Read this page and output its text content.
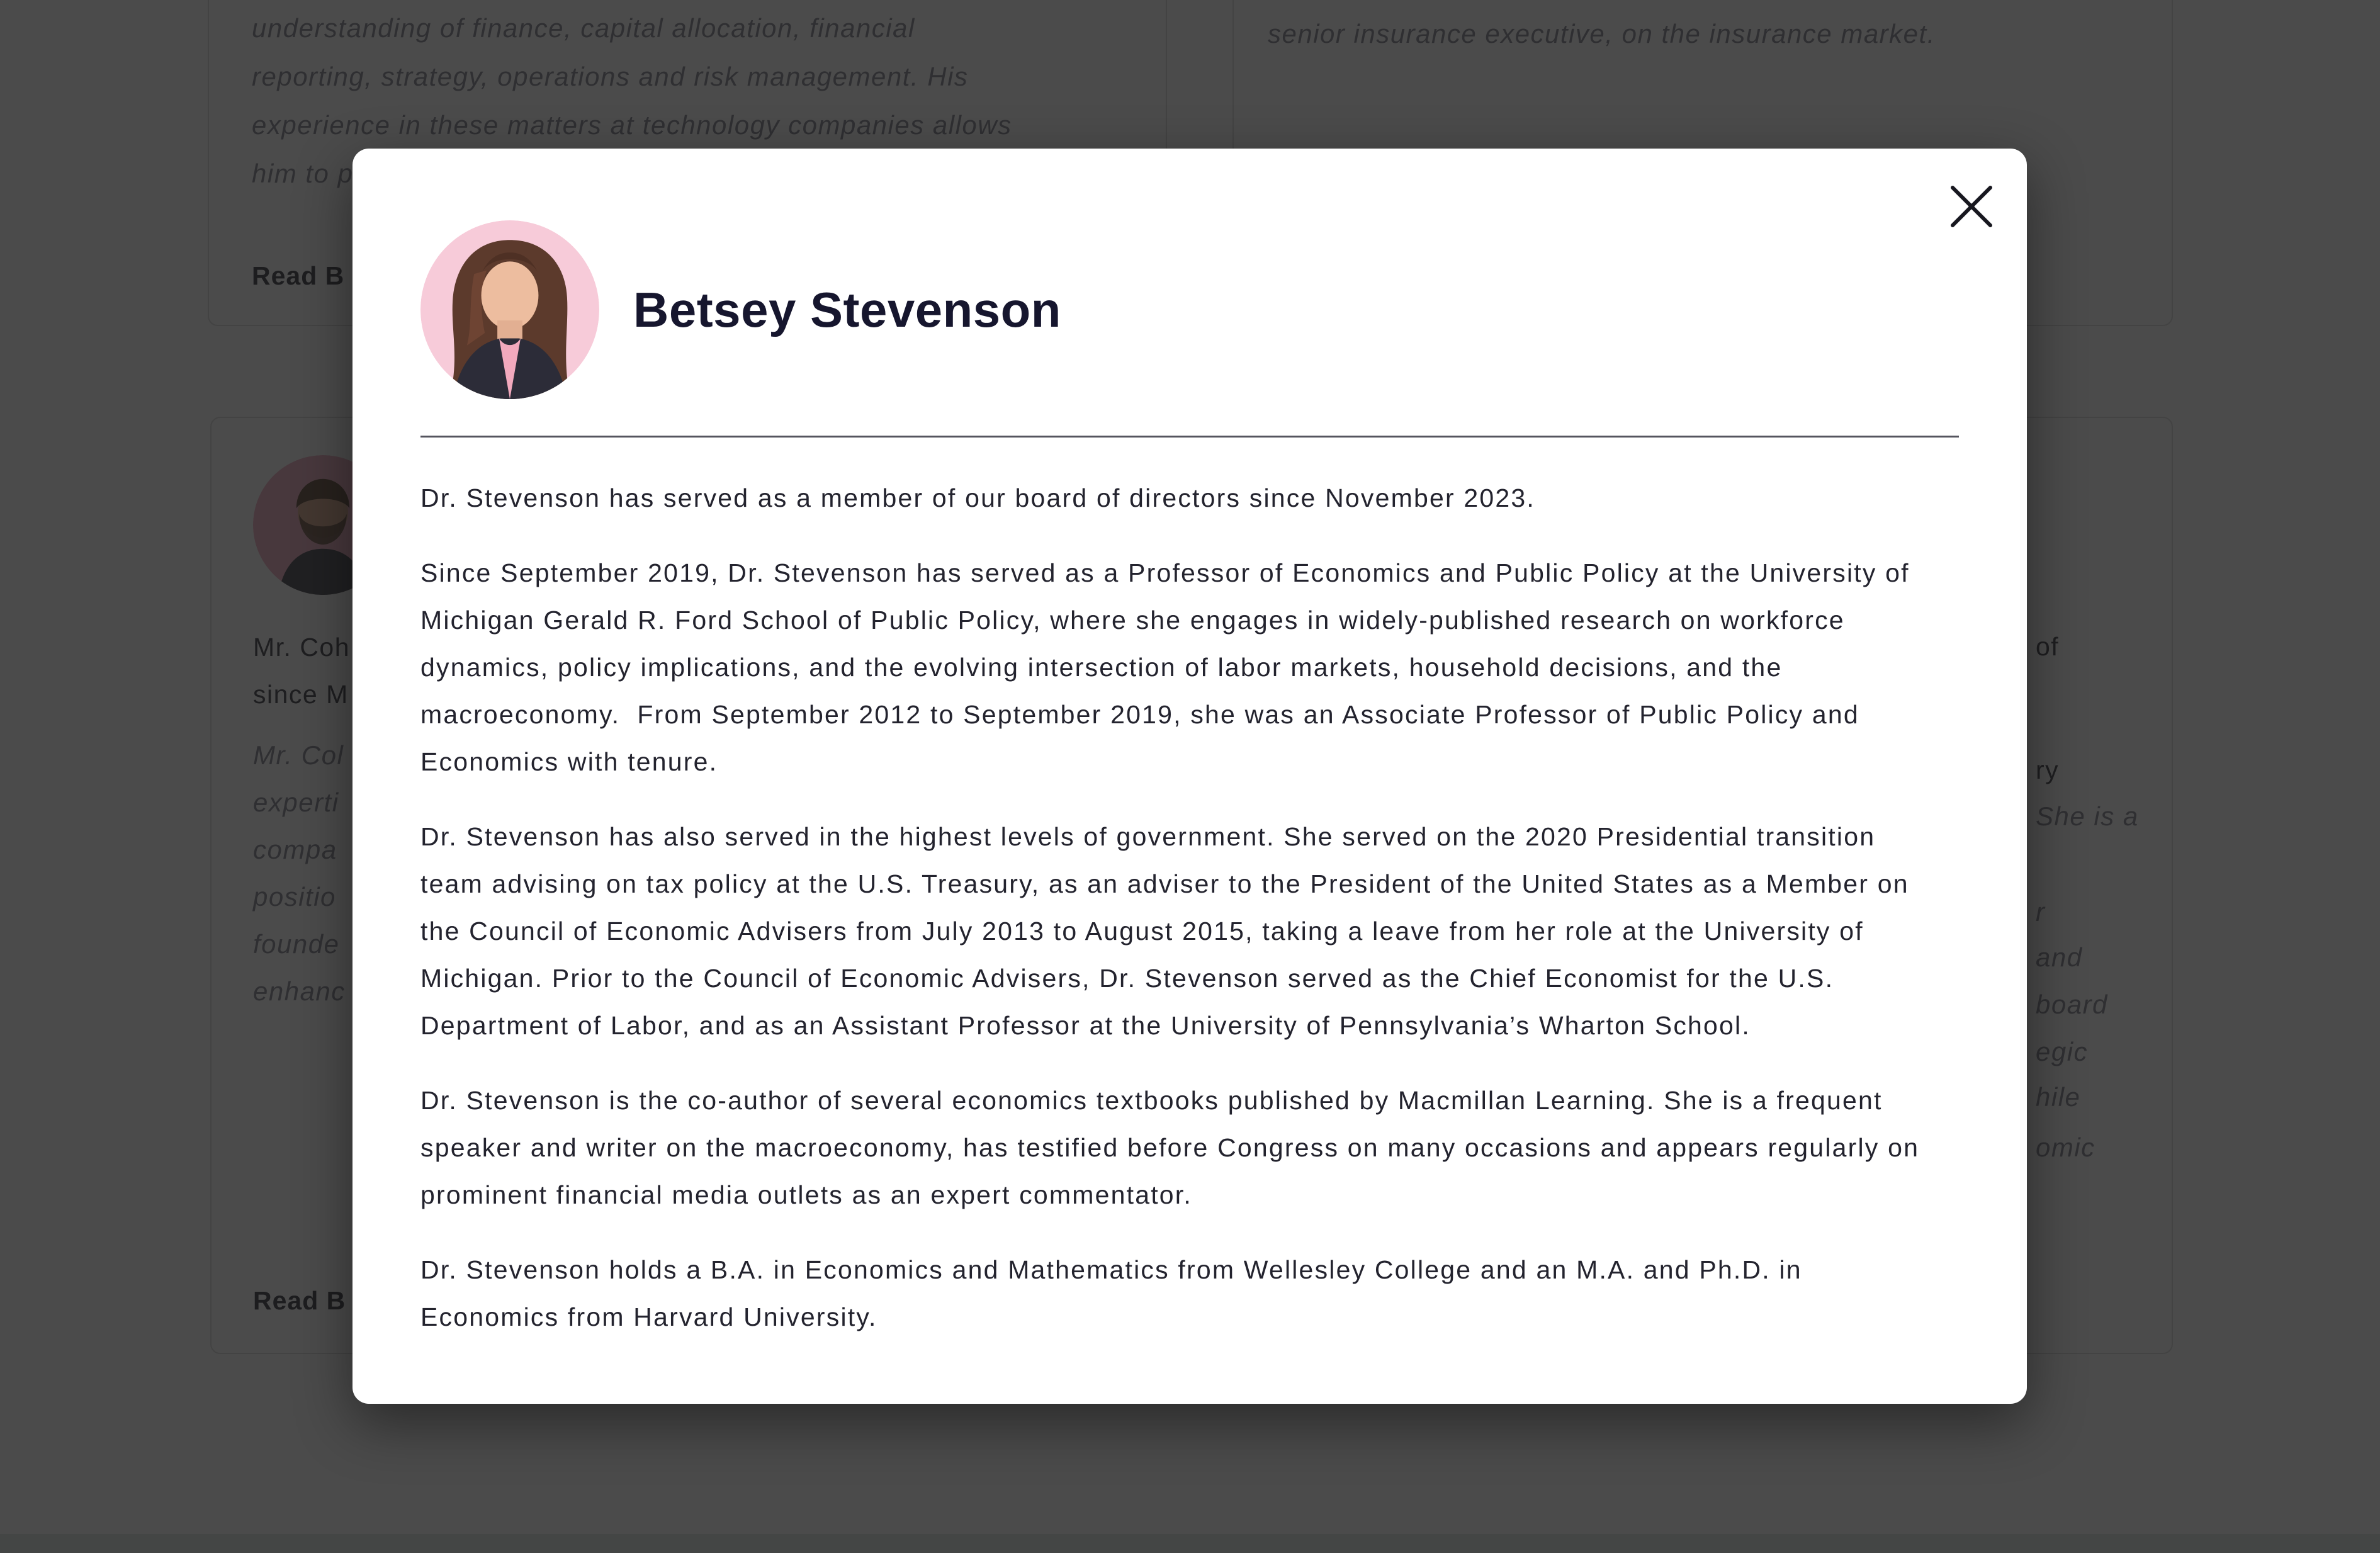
Betsey Stevenson

Dr. Stevenson has served as a member of our board of directors since November 2023.

Since September 2019, Dr. Stevenson has served as a Professor of Economics and Public Policy at the University of Michigan Gerald R. Ford School of Public Policy, where she engages in widely-published research on workforce dynamics, policy implications, and the evolving intersection of labor markets, household decisions, and the macroeconomy.  From September 2012 to September 2019, she was an Associate Professor of Public Policy and Economics with tenure.

Dr. Stevenson has also served in the highest levels of government. She served on the 2020 Presidential transition team advising on tax policy at the U.S. Treasury, as an adviser to the President of the United States as a Member on the Council of Economic Advisers from July 2013 to August 2015, taking a leave from her role at the University of Michigan. Prior to the Council of Economic Advisers, Dr. Stevenson served as the Chief Economist for the U.S. Department of Labor, and as an Assistant Professor at the University of Pennsylvania’s Wharton School.

Dr. Stevenson is the co-author of several economics textbooks published by Macmillan Learning. She is a frequent speaker and writer on the macroeconomy, has testified before Congress on many occasions and appears regularly on prominent financial media outlets as an expert commentator.

Dr. Stevenson holds a B.A. in Economics and Mathematics from Wellesley College and an M.A. and Ph.D. in Economics from Harvard University.
